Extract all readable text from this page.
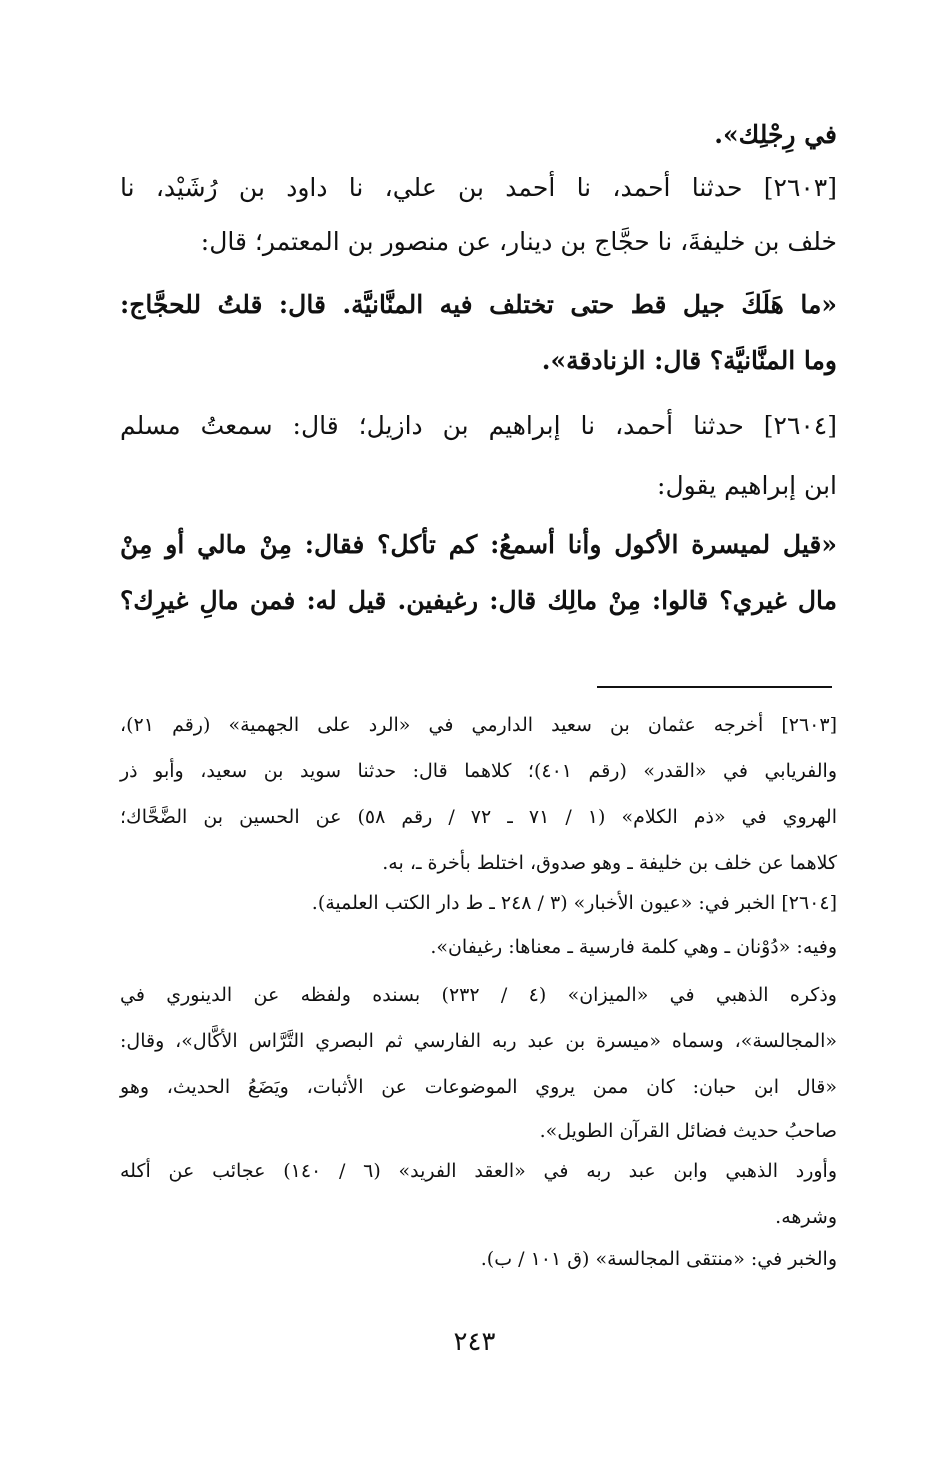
في رِجْلِك».
[٢٦٠٣] حدثنا أحمد، نا أحمد بن علي، نا داود بن رُشَيْد، نا
خلف بن خليفةَ، نا حجَّاج بن دينار، عن منصور بن المعتمر؛ قال:
«ما هَلَكَ جيل قط حتى تختلف فيه المنَّانيَّة. قال: قلتُ للحجَّاج:
وما المنَّانيَّة؟ قال: الزنادقة».
[٢٦٠٤] حدثنا أحمد، نا إبراهيم بن دازيل؛ قال: سمعتُ مسلم
ابن إبراهيم يقول:
«قيل لميسرة الأكول وأنا أسمعُ: كم تأكل؟ فقال: مِنْ مالي أو مِنْ
مال غيري؟ قالوا: مِنْ مالِك قال: رغيفين. قيل له: فمن مالِ غيرِك؟
[٢٦٠٣] أخرجه عثمان بن سعيد الدارمي في «الرد على الجهمية» (رقم ٢١)،
والفريابي في «القدر» (رقم ٤٠١)؛ كلاهما قال: حدثنا سويد بن سعيد، وأبو ذر
الهروي في «ذم الكلام» (١ / ٧١ ـ ٧٢ / رقم ٥٨) عن الحسين بن الضَّحَّاك؛
كلاهما عن خلف بن خليفة ـ وهو صدوق، اختلط بأخرة ـ، به.
[٢٦٠٤] الخبر في: «عيون الأخبار» (٣ / ٢٤٨ ـ ط دار الكتب العلمية).
وفيه: «دُوْنان ـ وهي كلمة فارسية ـ معناها: رغيفان».
وذكره الذهبي في «الميزان» (٤ / ٢٣٢) بسنده ولفظه عن الدينوري في
«المجالسة»، وسماه «ميسرة بن عبد ربه الفارسي ثم البصري التَّرَّاس الأكَّال»، وقال:
«قال ابن حبان: كان ممن يروي الموضوعات عن الأثبات، ويَضَعُ الحديث، وهو
صاحبُ حديث فضائل القرآن الطويل».
وأورد الذهبي وابن عبد ربه في «العقد الفريد» (٦ / ١٤٠) عجائب عن أكله
وشرهه.
والخبر في: «منتقى المجالسة» (ق ١٠١ / ب).
٢٤٣
